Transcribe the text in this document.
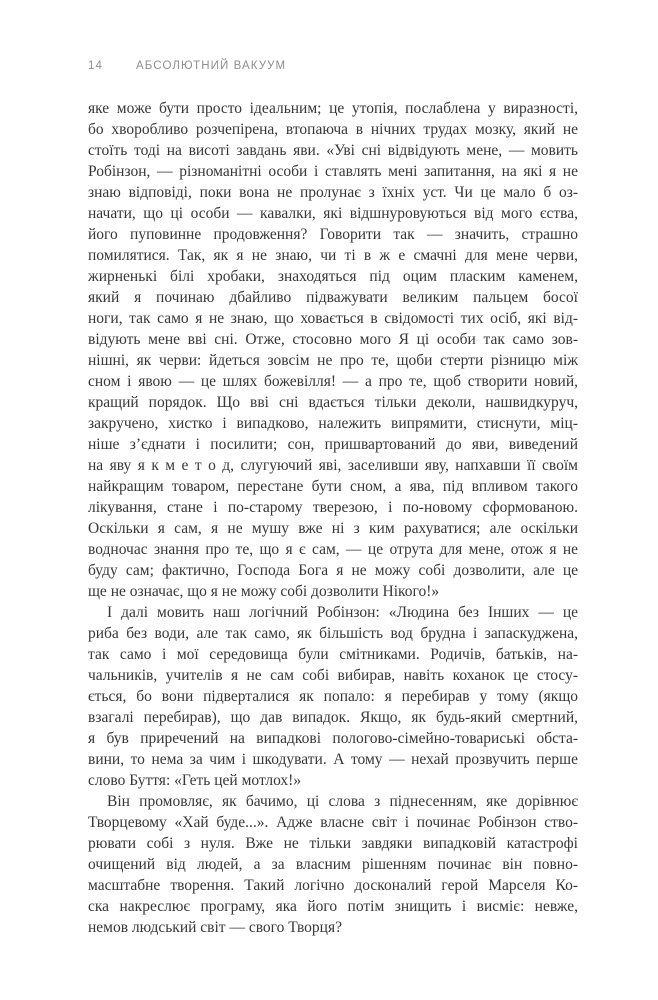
14	АБСОЛЮТНИЙ ВАКУУМ
яке може бути просто ідеальним; це утопія, послаблена у виразності,
бо хворобливо розчепірена, втопаюча в нічних трудах мозку, який не
стоїть тоді на висоті завдань яви. «Уві сні відвідують мене, — мовить
Робінзон, — різноманітні особи і ставлять мені запитання, на які я не
знаю відповіді, поки вона не пролунає з їхніх уст. Чи це мало б оз-
начати, що ці особи — кавалки, які відшнуровуються від мого єства,
його пуповинне продовження? Говорити так — значить, страшно
помилятися. Так, як я не знаю, чи ті в ж е смачні для мене черви,
жирненькі білі хробаки, знаходяться під оцим пласким каменем,
який я починаю дбайливо підважувати великим пальцем босої
ноги, так само я не знаю, що ховається в свідомості тих осіб, які від-
відують мене вві сні. Отже, стосовно мого Я ці особи так само зов-
нішні, як черви: йдеться зовсім не про те, щоби стерти різницю між
сном і явою — це шлях божевілля! — а про те, щоб створити новий,
кращий порядок. Що вві сні вдається тільки деколи, нашвидкуруч,
закручено, хистко і випадково, належить випрямити, стиснути, міц-
ніше з’єднати і посилити; сон, пришвартований до яви, виведений
на яву я к м е т о д, слугуючий яві, заселивши яву, напхавши її своїм
найкращим товаром, перестане бути сном, а ява, під впливом такого
лікування, стане і по-старому тверезою, і по-новому сформованою.
Оскільки я сам, я не мушу вже ні з ким рахуватися; але оскільки
водночас знання про те, що я є сам, — це отрута для мене, отож я не
буду сам; фактично, Господа Бога я не можу собі дозволити, але це
ще не означає, що я не можу собі дозволити Нікого!»
І далі мовить наш логічний Робінзон: «Людина без Інших — це
риба без води, але так само, як більшість вод брудна і запаскуджена,
так само і мої середовища були смітниками. Родичів, батьків, на-
чальників, учителів я не сам собі вибирав, навіть коханок це стосу-
ється, бо вони підверталися як попало: я перебирав у тому (якщо
взагалі перебирав), що дав випадок. Якщо, як будь-який смертний,
я був приречений на випадкові пологово-сімейно-товариські обста-
вини, то нема за чим і шкодувати. А тому — нехай прозвучить перше
слово Буття: «Геть цей мотлох!»
Він промовляє, як бачимо, ці слова з піднесенням, яке дорівнює
Творцевому «Хай буде...». Адже власне світ і починає Робінзон ство-
рювати собі з нуля. Вже не тільки завдяки випадковій катастрофі
очищений від людей, а за власним рішенням починає він повно-
масштабне творення. Такий логічно досконалий герой Марселя Ко-
ска накреслює програму, яка його потім знищить і висміє: невже,
немов людський світ — свого Творця?
